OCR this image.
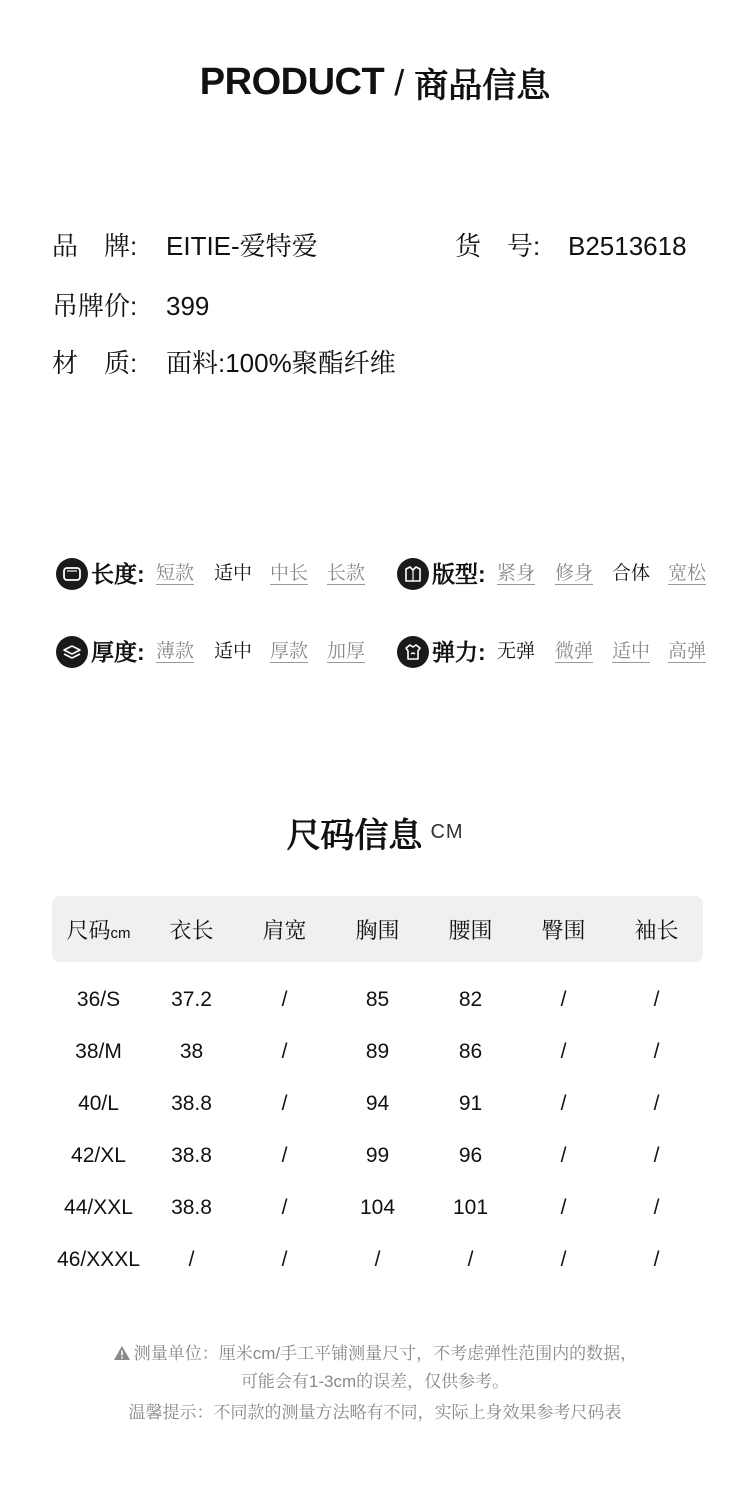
PRODUCT / 商品信息
品　牌: EITIE-爱特爱	货　号: B2513618
吊牌价: 399
材　质: 面料:100%聚酯纤维
长度: 短款 适中 中长 长款	版型: 紧身 修身 合体 宽松
厚度: 薄款 适中 厚款 加厚	弹力: 无弹 微弹 适中 高弹
尺码信息 CM
尺码cm	衣长	肩宽	胸围	腰围	臀围	袖长
36/S	37.2	/	85	82	/	/
38/M	38	/	89	86	/	/
40/L	38.8	/	94	91	/	/
42/XL	38.8	/	99	96	/	/
44/XXL	38.8	/	104	101	/	/
46/XXXL	/	/	/	/	/	/
测量单位：厘米cm/手工平铺测量尺寸，不考虑弹性范围内的数据，
可能会有1-3cm的误差，仅供参考。
温馨提示：不同款的测量方法略有不同，实际上身效果参考尺码表
